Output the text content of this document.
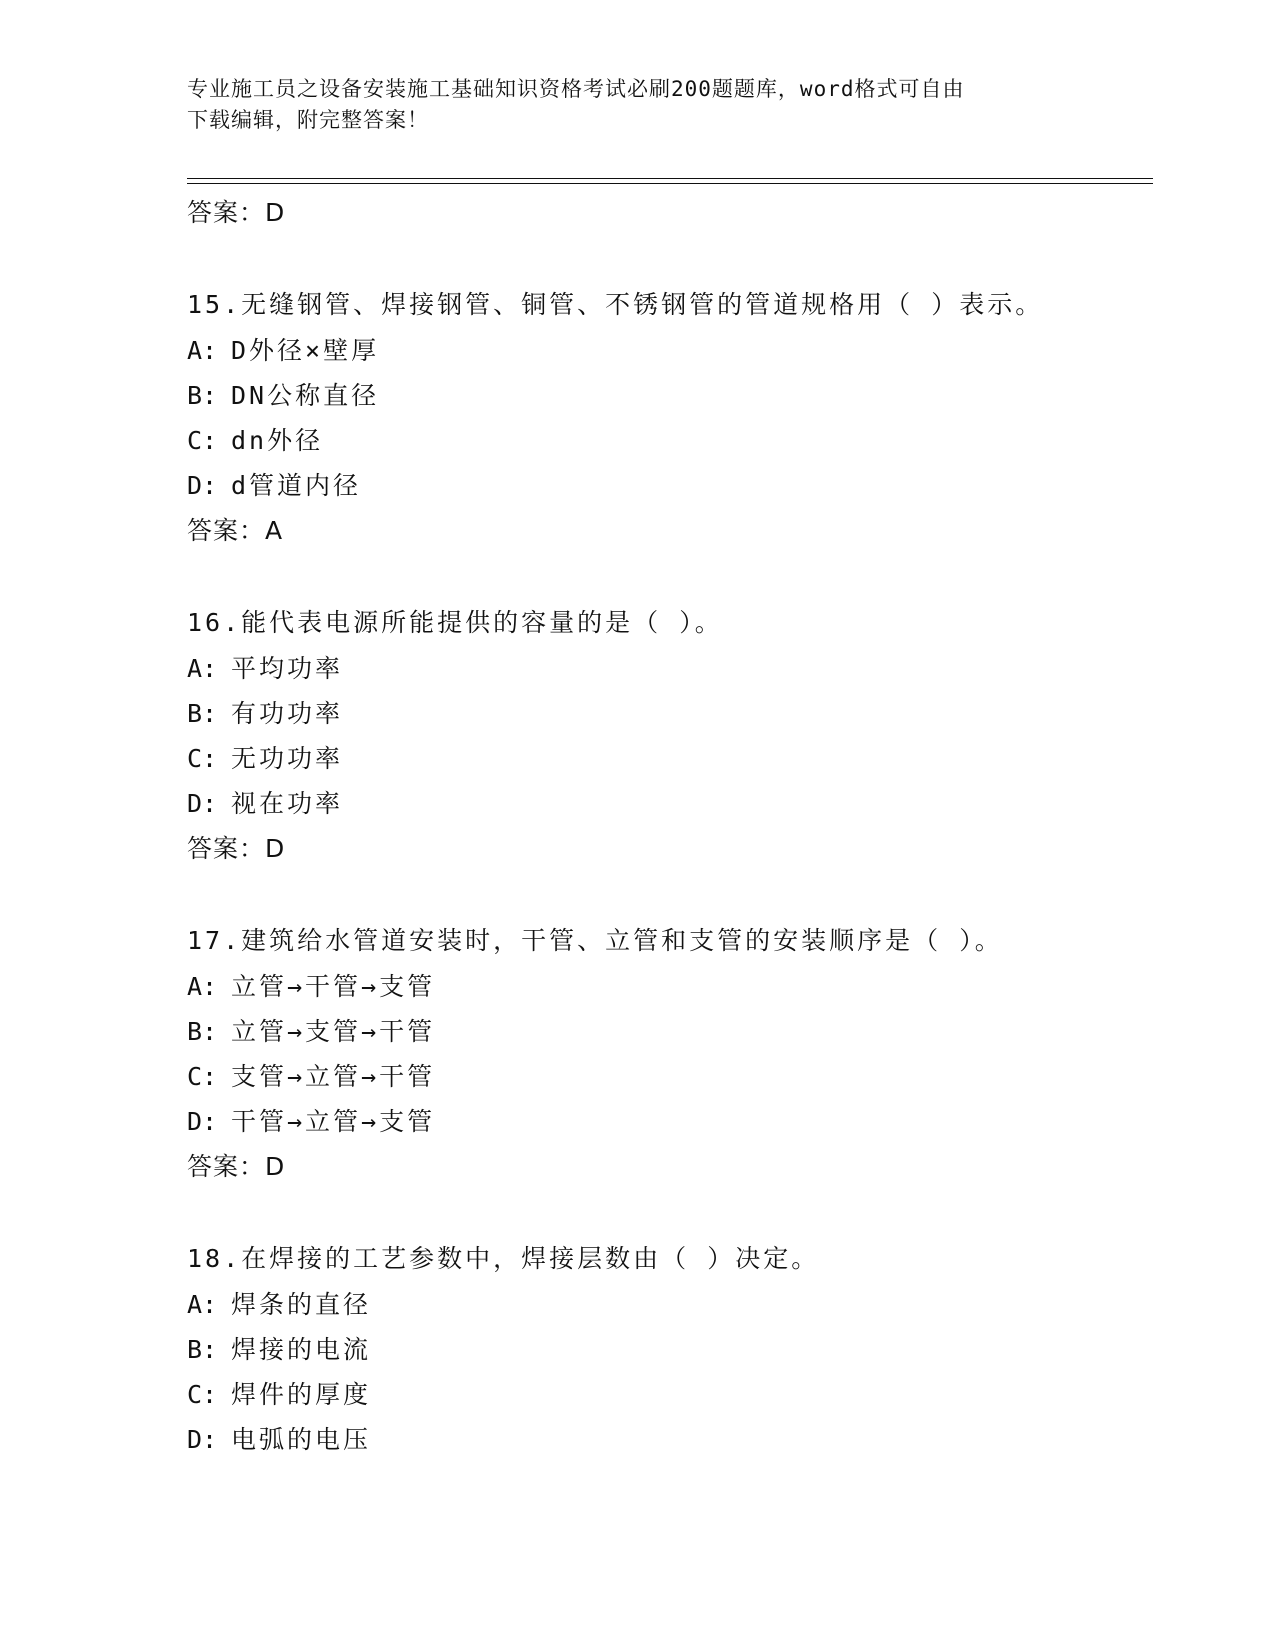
专业施工员之设备安装施工基础知识资格考试必刷200题题库，word格式可自由
下载编辑，附完整答案！
答案：D
15.无缝钢管、焊接钢管、铜管、不锈钢管的管道规格用（ ）表示。
A: D外径×壁厚
B: DN公称直径
C: dn外径
D: d管道内径
答案：A
16.能代表电源所能提供的容量的是（ ）。
A: 平均功率
B: 有功功率
C: 无功功率
D: 视在功率
答案：D
17.建筑给水管道安装时，干管、立管和支管的安装顺序是（ ）。
A: 立管→干管→支管
B: 立管→支管→干管
C: 支管→立管→干管
D: 干管→立管→支管
答案：D
18.在焊接的工艺参数中，焊接层数由（ ）决定。
A: 焊条的直径
B: 焊接的电流
C: 焊件的厚度
D: 电弧的电压
